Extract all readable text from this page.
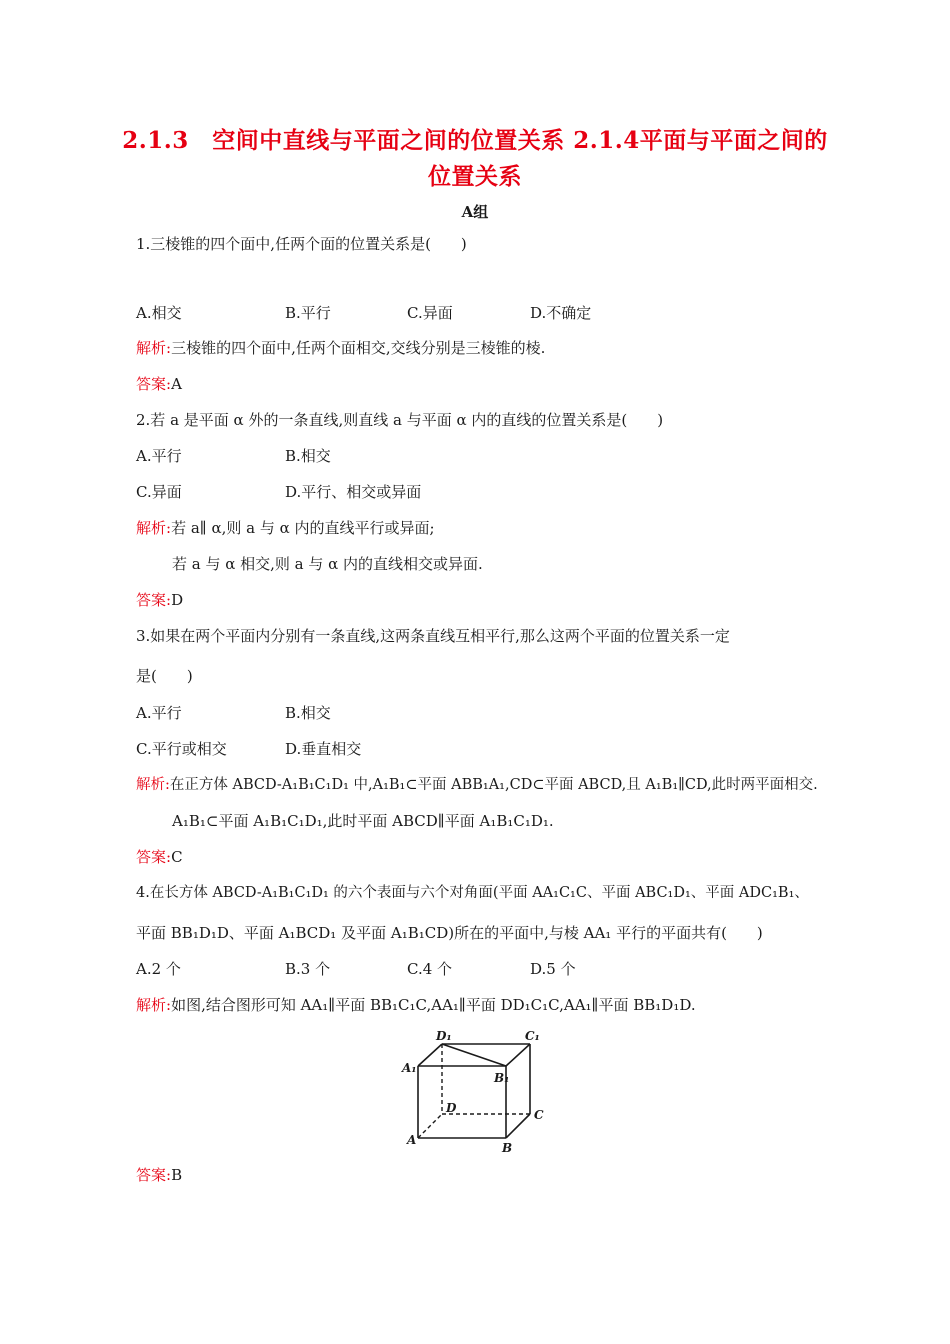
2.1.3　空间中直线与平面之间的位置关系 2.1.4平面与平面之间的
位置关系
A组
1.三棱锥的四个面中,任两个面的位置关系是(　　)
A.相交	B.平行	C.异面	D.不确定
解析:三棱锥的四个面中,任两个面相交,交线分别是三棱锥的棱.
答案:A
2.若 a 是平面 α 外的一条直线,则直线 a 与平面 α 内的直线的位置关系是(　　)
A.平行	B.相交
C.异面	D.平行、相交或异面
解析:若 a∥ α,则 a 与 α 内的直线平行或异面;
若 a 与 α 相交,则 a 与 α 内的直线相交或异面.
答案:D
3.如果在两个平面内分别有一条直线,这两条直线互相平行,那么这两个平面的位置关系一定
是(　　)
A.平行	B.相交
C.平行或相交	D.垂直相交
解析:在正方体 ABCD-A₁B₁C₁D₁ 中,A₁B₁⊂平面 ABB₁A₁,CD⊂平面 ABCD,且 A₁B₁∥CD,此时两平面相交.
A₁B₁⊂平面 A₁B₁C₁D₁,此时平面 ABCD∥平面 A₁B₁C₁D₁.
答案:C
4.在长方体 ABCD-A₁B₁C₁D₁ 的六个表面与六个对角面(平面 AA₁C₁C、平面 ABC₁D₁、平面 ADC₁B₁、
平面 BB₁D₁D、平面 A₁BCD₁ 及平面 A₁B₁CD)所在的平面中,与棱 AA₁ 平行的平面共有(　　)
A.2 个	B.3 个	C.4 个	D.5 个
解析:如图,结合图形可知 AA₁∥平面 BB₁C₁C,AA₁∥平面 DD₁C₁C,AA₁∥平面 BB₁D₁D.
D₁	C₁
A₁
B₁
D	C
A
B
答案:B
